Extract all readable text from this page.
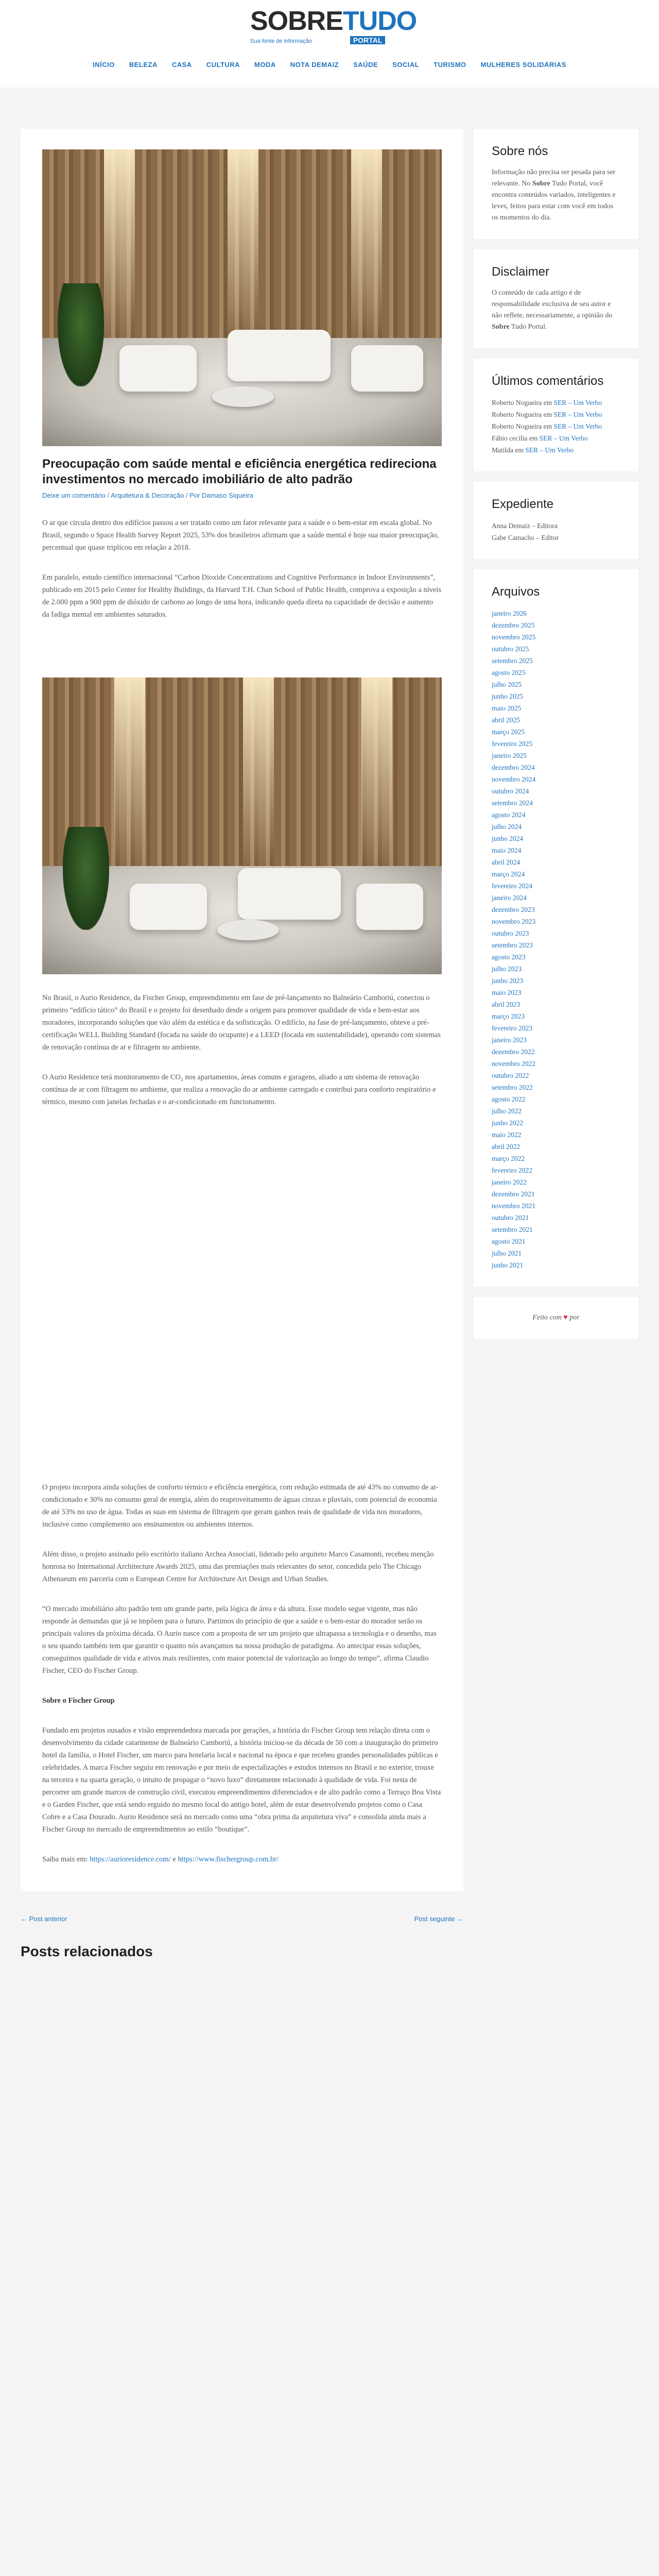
SOBRETUDO
Sua fonte de informação	PORTAL
INÍCIO BELEZA CASA CULTURA MODA NOTA DEMAIZ SAÚDE SOCIAL TURISMO MULHERES SOLIDÁRIAS
Preocupação com saúde mental e eficiência energética redireciona investimentos no mercado imobiliário de alto padrão
Deixe um comentário / Arquitetura & Decoração / Por Damaso Siqueira

O ar que circula dentro dos edifícios passou a ser tratado como um fator relevante para a saúde e o bem-estar em escala global. No Brasil, segundo o Space Health Survey Report 2025, 53% dos brasileiros afirmam que a saúde mental é hoje sua maior preocupação, percentual que quase triplicou em relação a 2018.

Em paralelo, estudo científico internacional “Carbon Dioxide Concentrations and Cognitive Performance in Indoor Environments”, publicado em 2015 pelo Center for Healthy Buildings, da Harvard T.H. Chan School of Public Health, comprova a exposição a níveis de 2.000 ppm a 900 ppm de dióxido de carbono ao longo de uma hora, indicando queda direta na capacidade de decisão e aumento da fadiga mental em ambientes saturados.

No Brasil, o Aurio Residence, da Fischer Group, empreendimento em fase de pré-lançamento no Balneário Camboriú, conectou o primeiro “edifício tático” do Brasil e o projeto foi desenhado desde a origem para promover qualidade de vida e bem-estar aos moradores, incorporando soluções que vão além da estética e da sofisticação. O edifício, na fase de pré-lançamento, obteve a pré-certificação WELL Building Standard (focada na saúde do ocupante) e a LEED (focada em sustentabilidade), operando com sistemas de renovação contínua de ar e filtragem no ambiente.

O Aurio Residence terá monitoramento de CO₂ nos apartamentos, áreas comuns e garagens, aliado a um sistema de renovação contínua de ar com filtragem no ambiente, que realiza a renovação do ar ambiente carregado e contribui para conforto respiratório e térmico, mesmo com janelas fechadas e o ar-condicionado em funcionamento.

O projeto incorpora ainda soluções de conforto térmico e eficiência energética, com redução estimada de até 43% no consumo de ar-condicionado e 30% no consumo geral de energia, além do reaproveitamento de águas cinzas e pluviais, com potencial de economia de até 53% no uso de água. Todas as suas em sistema de filtragem que geram ganhos reais de qualidade de vida nos moradores, inclusive como complemento aos ensinamentos ou ambientes internos.

Além disso, o projeto assinado pelo escritório italiano Archea Associati, liderado pelo arquiteto Marco Casamonti, recebeu menção honrosa no International Architecture Awards 2025, uma das premiações mais relevantes do setor, concedida pelo The Chicago Athenaeum em parceria com o European Centre for Architecture Art Design and Urban Studies.

“O mercado imobiliário alto padrão tem um grande parte, pela lógica de área e da altura. Esse modelo segue vigente, mas não responde às demandas que já se impõem para o futuro. Partimos do princípio de que a saúde e o bem-estar do morador serão os principais valores da próxima década. O Aurio nasce com a proposta de ser um projeto que ultrapassa a tecnologia e o desenho, mas o seu quando também tem que garantir o quanto nós avançamos na nossa produção de paradigma. Ao antecipar essas soluções, conseguimos qualidade de vida e ativos mais resilientes, com maior potencial de valorização ao longo do tempo”, afirma Claudio Fischer, CEO do Fischer Group.

Sobre o Fischer Group

Fundado em projetos ousados e visão empreendedora marcada por gerações, a história do Fischer Group tem relação direta com o desenvolvimento da cidade catarinense de Balneário Camboriú, a história iniciou-se da década de 50 com a inauguração do primeiro hotel da família, o Hotel Fischer, um marco para hotelaria local e nacional na época e que recebeu grandes personalidades públicas e celebridades. A marca Fischer seguiu em renovação e por meio de especializações e estudos intensos no Brasil e no exterior, trouxe na terceira e na quarta geração, o intuito de propagar o “novo luxo” diretamente relacionado à qualidade de vida. Foi nesta de percorrer um grande marcos de construção civil, executou empreendimentos diferenciados e de alto padrão como a Terraço Boa Vista e o Garden Fischer, que está sendo erguido no mesmo local do antigo hotel, além de estar desenvolvendo projetos como o Casa Cobre e a Casa Dourado. Aurio Residence será no mercado como uma “obra prima da arquitetura viva” e consolida ainda mais a Fischer Group no mercado de empreendimentos ao estilo “boutique”.

Saiba mais em: https://aurioresidence.com/ e https://www.fischergroup.com.br/

← Post anterior	Post seguinte →
Posts relacionados

Sobre nós

Informação não precisa ser pesada para ser relevante. No Sobre Tudo Portal, você encontra conteúdos variados, inteligentes e leves, feitos para estar com você em todos os momentos do dia.

Disclaimer

O conteúdo de cada artigo é de responsabilidade exclusiva de seu autor e não reflete, necessariamente, a opinião do Sobre Tudo Portal.

Últimos comentários
Roberto Nogueira em SER – Um Verbo
Roberto Nogueira em SER – Um Verbo
Roberto Nogueira em SER – Um Verbo
Fábio cecília em SER – Um Verbo
Matilda em SER – Um Verbo
Expediente
Anna Demaiz – Editora
Gabe Camacho – Editor
Arquivos
janeiro 2026
dezembro 2025
novembro 2025
outubro 2025
setembro 2025
agosto 2025
julho 2025
junho 2025
maio 2025
abril 2025
março 2025
fevereiro 2025
janeiro 2025
dezembro 2024
novembro 2024
outubro 2024
setembro 2024
agosto 2024
julho 2024
junho 2024
maio 2024
abril 2024
março 2024
fevereiro 2024
janeiro 2024
dezembro 2023
novembro 2023
outubro 2023
setembro 2023
agosto 2023
julho 2023
junho 2023
maio 2023
abril 2023
março 2023
fevereiro 2023
janeiro 2023
dezembro 2022
novembro 2022
outubro 2022
setembro 2022
agosto 2022
julho 2022
junho 2022
maio 2022
abril 2022
março 2022
fevereiro 2022
janeiro 2022
dezembro 2021
novembro 2021
outubro 2021
setembro 2021
agosto 2021
julho 2021
junho 2021

Feito com ♥ por
